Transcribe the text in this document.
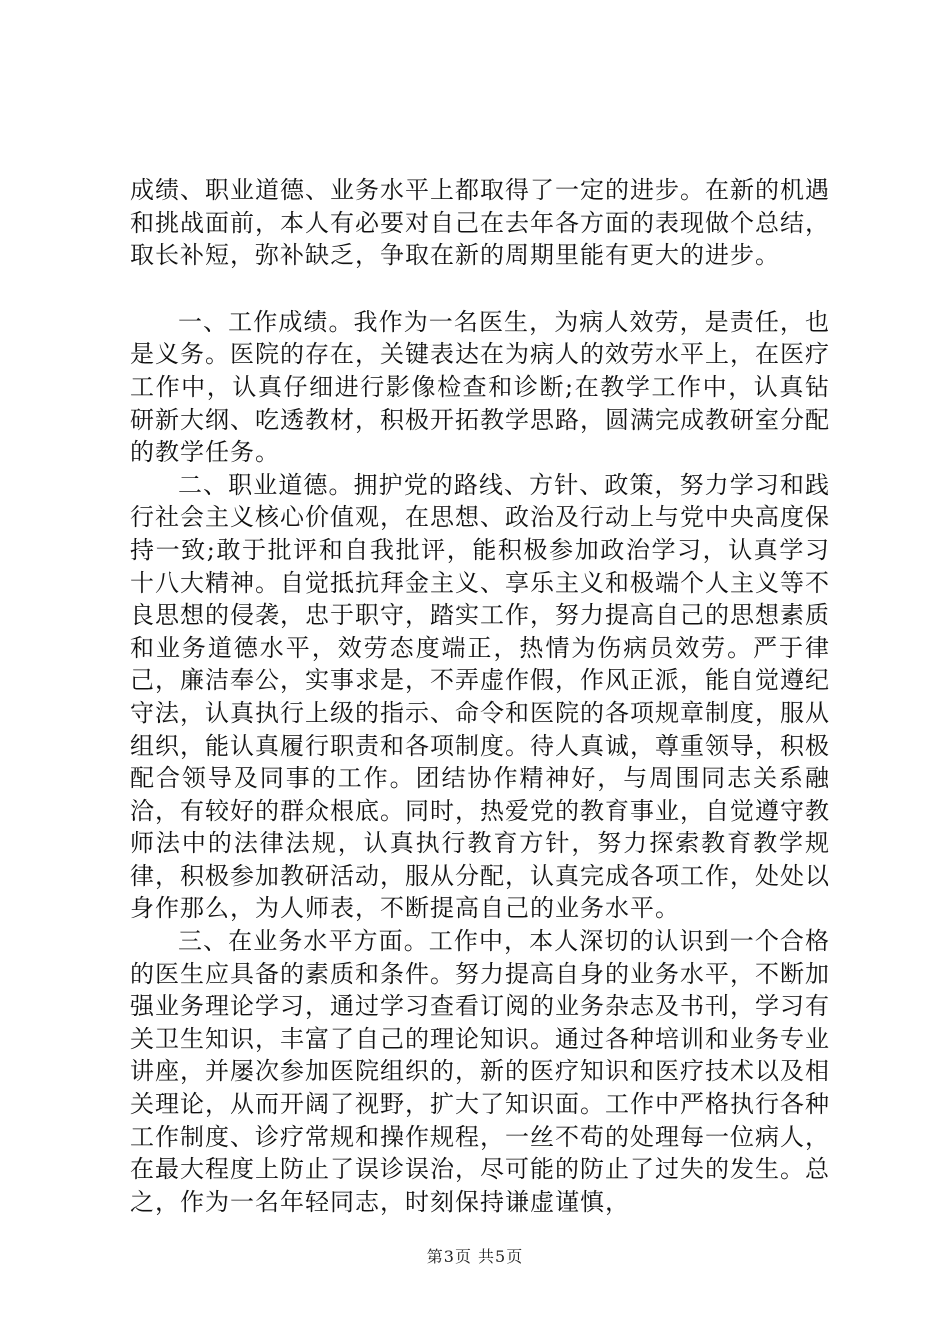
成绩、职业道德、业务水平上都取得了一定的进步。在新的机遇和挑战面前，本人有必要对自己在去年各方面的表现做个总结，取长补短，弥补缺乏，争取在新的周期里能有更大的进步。

一、工作成绩。我作为一名医生，为病人效劳，是责任，也是义务。医院的存在，关键表达在为病人的效劳水平上，在医疗工作中，认真仔细进行影像检查和诊断;在教学工作中，认真钻研新大纲、吃透教材，积极开拓教学思路，圆满完成教研室分配的教学任务。

二、职业道德。拥护党的路线、方针、政策，努力学习和践行社会主义核心价值观，在思想、政治及行动上与党中央高度保持一致;敢于批评和自我批评，能积极参加政治学习，认真学习十八大精神。自觉抵抗拜金主义、享乐主义和极端个人主义等不良思想的侵袭，忠于职守，踏实工作，努力提高自己的思想素质和业务道德水平，效劳态度端正，热情为伤病员效劳。严于律己，廉洁奉公，实事求是，不弄虚作假，作风正派，能自觉遵纪守法，认真执行上级的指示、命令和医院的各项规章制度，服从组织，能认真履行职责和各项制度。待人真诚，尊重领导，积极配合领导及同事的工作。团结协作精神好，与周围同志关系融洽，有较好的群众根底。同时，热爱党的教育事业，自觉遵守教师法中的法律法规，认真执行教育方针，努力探索教育教学规律，积极参加教研活动，服从分配，认真完成各项工作，处处以身作那么，为人师表，不断提高自己的业务水平。

三、在业务水平方面。工作中，本人深切的认识到一个合格的医生应具备的素质和条件。努力提高自身的业务水平，不断加强业务理论学习，通过学习查看订阅的业务杂志及书刊，学习有关卫生知识，丰富了自己的理论知识。通过各种培训和业务专业讲座，并屡次参加医院组织的，新的医疗知识和医疗技术以及相关理论，从而开阔了视野，扩大了知识面。工作中严格执行各种工作制度、诊疗常规和操作规程，一丝不苟的处理每一位病人，在最大程度上防止了误诊误治，尽可能的防止了过失的发生。总之，作为一名年轻同志，时刻保持谦虚谨慎，

第3页 共5页
